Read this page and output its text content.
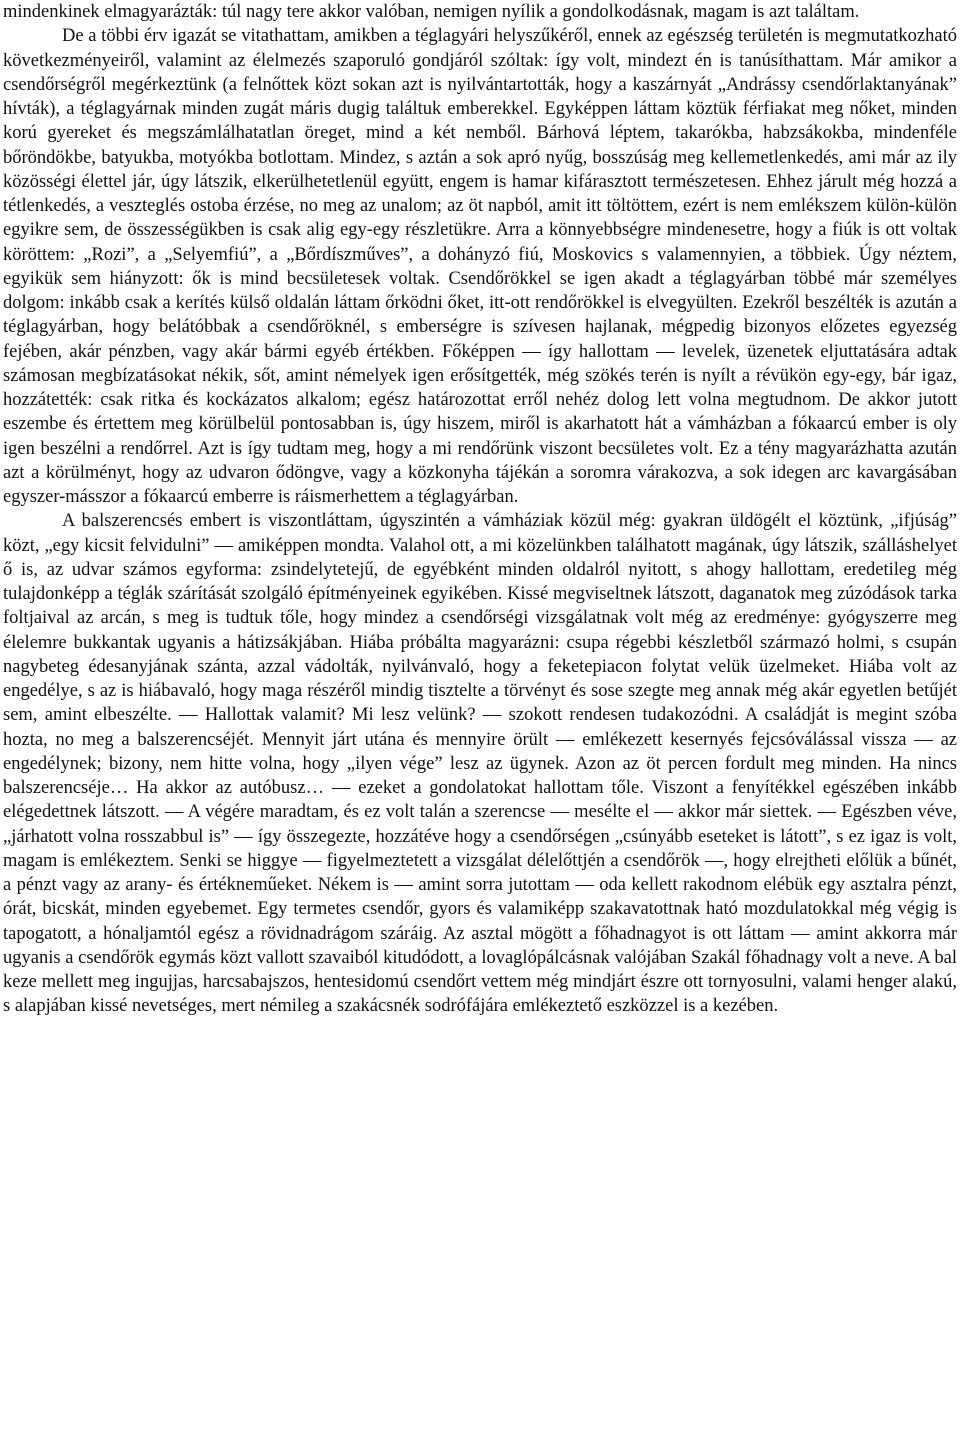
mindenkinek elmagyarázták: túl nagy tere akkor valóban, nemigen nyílik a gondolkodásnak, magam is azt találtam.

De a többi érv igazát se vitathattam, amikben a téglagyári helyszűkéről, ennek az egészség területén is megmutatkozható következményeiről, valamint az élelmezés szaporuló gondjáról szóltak: így volt, mindezt én is tanúsíthattam. Már amikor a csendőrségről megérkeztünk (a felnőttek közt sokan azt is nyilvántartották, hogy a kaszárnyát „Andrássy csendőrlaktanyának” hívták), a téglagyárnak minden zugát máris dugig találtuk emberekkel. Egyképpen láttam köztük férfiakat meg nőket, minden korú gyereket és megszámlálhatatlan öreget, mind a két nemből. Bárhová léptem, takarókba, habzsákokba, mindenféle bőröndökbe, batyukba, motyókba botlottam. Mindez, s aztán a sok apró nyűg, bosszúság meg kellemetlenkedés, ami már az ily közösségi élettel jár, úgy látszik, elkerülhetetlenül együtt, engem is hamar kifárasztott természetesen. Ehhez járult még hozzá a tétlenkedés, a veszteglés ostoba érzése, no meg az unalom; az öt napból, amit itt töltöttem, ezért is nem emlékszem külön-külön egyikre sem, de összességükben is csak alig egy-egy részletükre. Arra a könnyebbségre mindenesetre, hogy a fiúk is ott voltak köröttem: „Rozi”, a „Selyemfiú”, a „Bőrdíszműves”, a dohányzó fiú, Moskovics s valamennyien, a többiek. Úgy néztem, egyikük sem hiányzott: ők is mind becsületesek voltak. Csendőrökkel se igen akadt a téglagyárban többé már személyes dolgom: inkább csak a kerítés külső oldalán láttam őrködni őket, itt-ott rendőrökkel is elvegyülten. Ezekről beszélték is azután a téglagyárban, hogy belátóbbak a csendőröknél, s emberségre is szívesen hajlanak, mégpedig bizonyos előzetes egyezség fejében, akár pénzben, vagy akár bármi egyéb értékben. Főképpen — így hallottam — levelek, üzenetek eljuttatására adtak számosan megbízatásokat nékik, sőt, amint némelyek igen erősítgették, még szökés terén is nyílt a révükön egy-egy, bár igaz, hozzátették: csak ritka és kockázatos alkalom; egész határozottat erről nehéz dolog lett volna megtudnom. De akkor jutott eszembe és értettem meg körülbelül pontosabban is, úgy hiszem, miről is akarhatott hát a vámházban a fókaarcú ember is oly igen beszélni a rendőrrel. Azt is így tudtam meg, hogy a mi rendőrünk viszont becsületes volt. Ez a tény magyarázhatta azután azt a körülményt, hogy az udvaron ődöngve, vagy a közkonyha tájékán a soromra várakozva, a sok idegen arc kavargásában egyszer-másszor a fókaarcú emberre is ráismerhettem a téglagyárban.

A balszerencsés embert is viszontláttam, úgyszintén a vámháziak közül még: gyakran üldögélt el köztünk, „ifjúság” közt, „egy kicsit felvidulni” — amiképpen mondta. Valahol ott, a mi közelünkben találhatott magának, úgy látszik, szálláshelyet ő is, az udvar számos egyforma: zsindelytetejű, de egyébként minden oldalról nyitott, s ahogy hallottam, eredetileg még tulajdonképp a téglák szárítását szolgáló építményeinek egyikében. Kissé megviseltnek látszott, daganatok meg zúzódások tarka foltjaival az arcán, s meg is tudtuk tőle, hogy mindez a csendőrségi vizsgálatnak volt még az eredménye: gyógyszerre meg élelemre bukkantak ugyanis a hátizsákjában. Hiába próbálta magyarázni: csupa régebbi készletből származó holmi, s csupán nagybeteg édesanyjának szánta, azzal vádolták, nyilvánvaló, hogy a feketepiacon folytat velük üzelmeket. Hiába volt az engedélye, s az is hiábavaló, hogy maga részéről mindig tisztelte a törvényt és sose szegte meg annak még akár egyetlen betűjét sem, amint elbeszélte. — Hallottak valamit? Mi lesz velünk? — szokott rendesen tudakozódni. A családját is megint szóba hozta, no meg a balszerencséjét. Mennyit járt utána és mennyire örült — emlékezett kesernyés fejcsóválással vissza — az engedélynek; bizony, nem hitte volna, hogy „ilyen vége” lesz az ügynek. Azon az öt percen fordult meg minden. Ha nincs balszerencséje… Ha akkor az autóbusz… — ezeket a gondolatokat hallottam tőle. Viszont a fenyítékkel egészében inkább elégedettnek látszott. — A végére maradtam, és ez volt talán a szerencse — mesélte el — akkor már siettek. — Egészben véve, „járhatott volna rosszabbul is” — így összegezte, hozzátéve hogy a csendőrségen „csúnyább eseteket is látott”, s ez igaz is volt, magam is emlékeztem. Senki se higgye — figyelmeztetett a vizsgálat délelőttjén a csendőrök —, hogy elrejtheti előlük a bűnét, a pénzt vagy az arany- és értékneműeket. Nékem is — amint sorra jutottam — oda kellett rakodnom elébük egy asztalra pénzt, órát, bicskát, minden egyebemet. Egy termetes csendőr, gyors és valamiképp szakavatottnak ható mozdulatokkal még végig is tapogatott, a hónaljamtól egész a rövidnadrágom száráig. Az asztal mögött a főhadnagyot is ott láttam — amint akkorra már ugyanis a csendőrök egymás közt vallott szavaiból kitudódott, a lovaglópálcásnak valójában Szakál főhadnagy volt a neve. A bal keze mellett meg ingujjas, harcsabajszos, hentesidomú csendőrt vettem még mindjárt észre ott tornyosulni, valami henger alakú, s alapjában kissé nevetséges, mert némileg a szakácsnék sodrófájára emlékeztető eszközzel is a kezében.
